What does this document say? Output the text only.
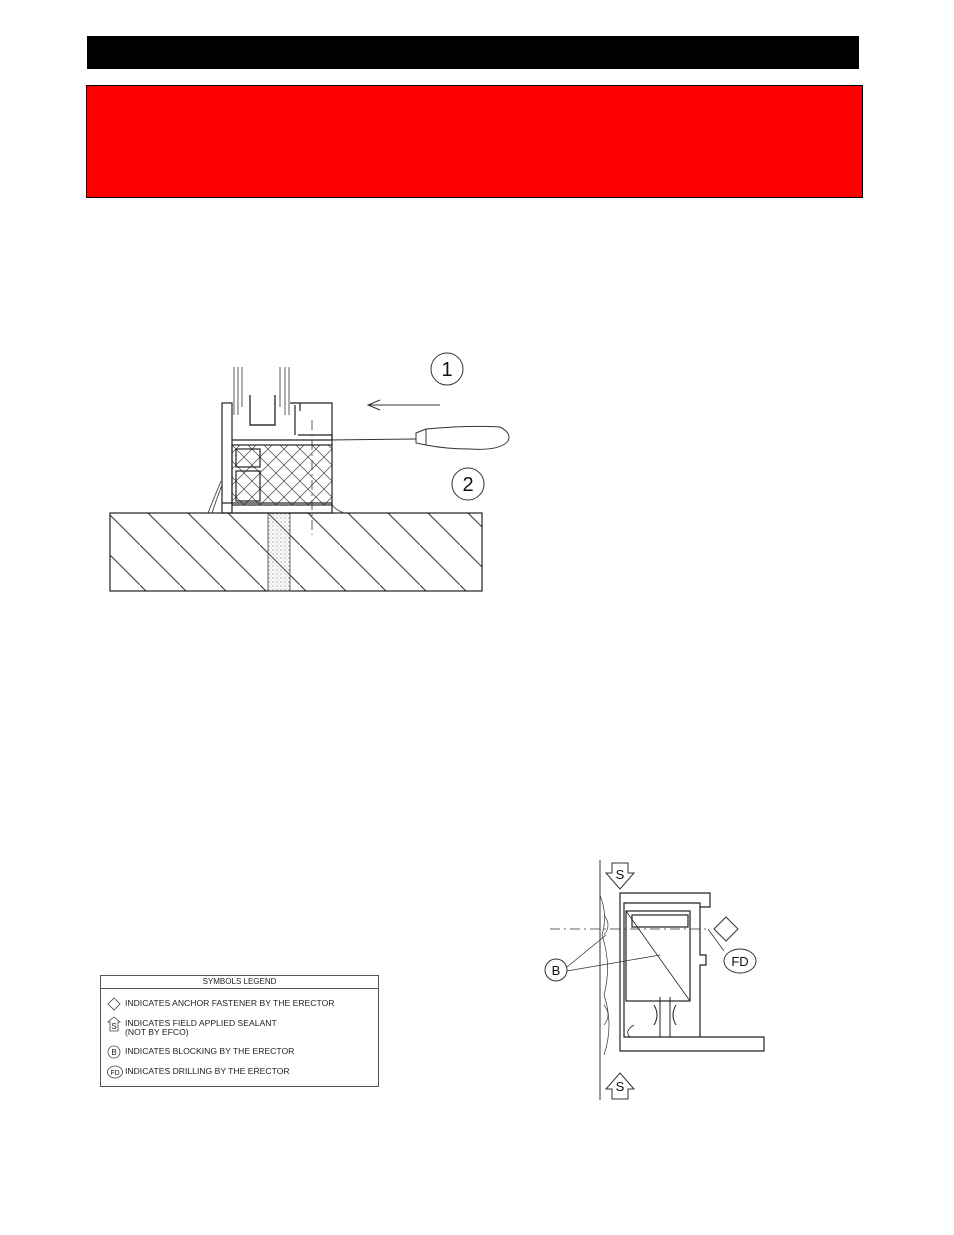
1
2
SYMBOLS LEGEND
INDICATES ANCHOR FASTENER BY THE ERECTOR
S INDICATES FIELD APPLIED SEALANT
(NOT BY EFCO)
B INDICATES BLOCKING BY THE ERECTOR
FD INDICATES DRILLING BY THE ERECTOR
S
S
FD
B
